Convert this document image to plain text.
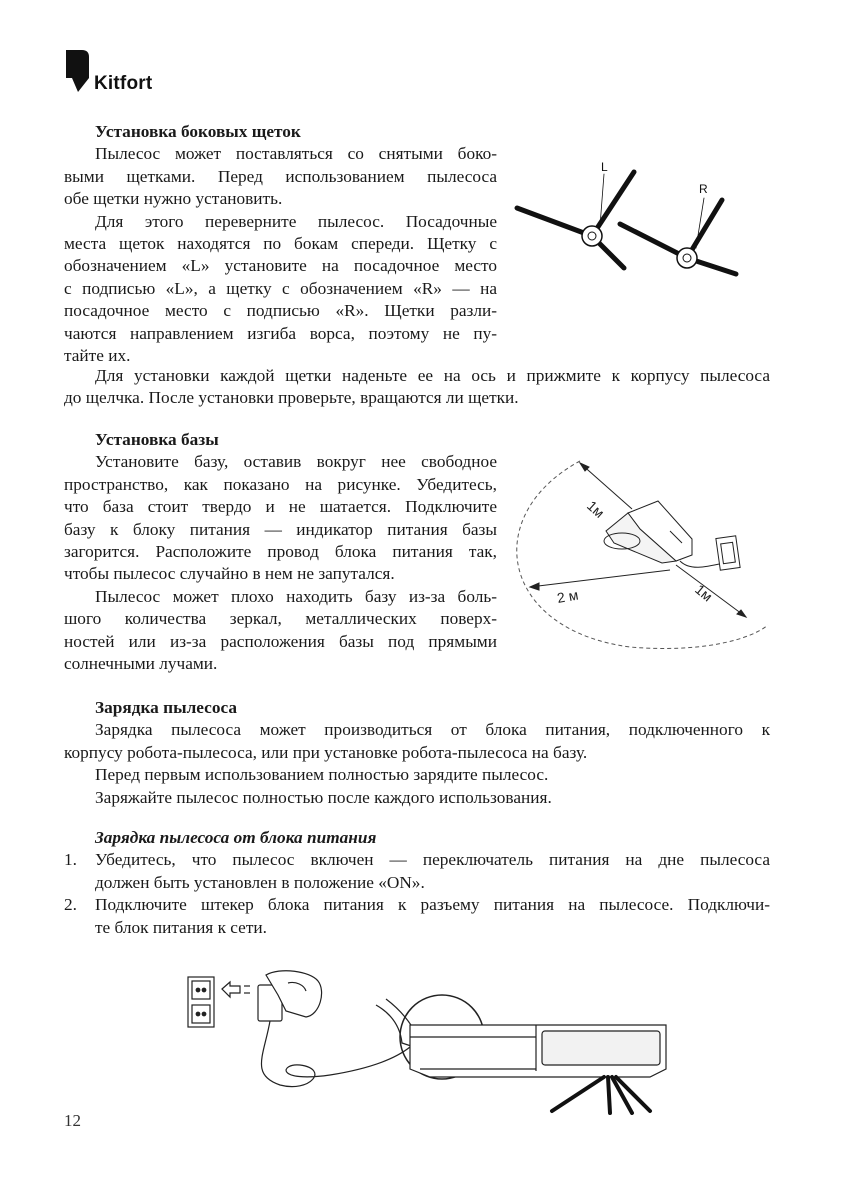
Kitfort

Установка боковых щеток

Пылесос может поставляться со снятыми боко-

выми щетками. Перед использованием пылесоса

обе щетки нужно установить.

Для этого переверните пылесос. Посадочные

места щеток находятся по бокам спереди. Щетку с

обозначением «L» установите на посадочное место

с подписью «L», а щетку с обозначением «R» — на

посадочное место с подписью «R». Щетки разли-

чаются направлением изгиба ворса, поэтому не пу-

тайте их.

Для установки каждой щетки наденьте ее на ось и прижмите к корпусу пылесоса

до щелчка. После установки проверьте, вращаются ли щетки.

L
R

Установка базы

Установите базу, оставив вокруг нее свободное

пространство, как показано на рисунке. Убедитесь,

что база стоит твердо и не шатается. Подключите

базу к блоку питания — индикатор питания базы

загорится. Расположите провод блока питания так,

чтобы пылесос случайно в нем не запутался.

Пылесос может плохо находить базу из-за боль-

шого количества зеркал, металлических поверх-

ностей или из-за расположения базы под прямыми

солнечными лучами.

1м
2 м	1м

Зарядка пылесоса

Зарядка пылесоса может производиться от блока питания, подключенного к

корпусу робота-пылесоса, или при установке робота-пылесоса на базу.

Перед первым использованием полностью зарядите пылесос.

Заряжайте пылесос полностью после каждого использования.

Зарядка пылесоса от блока питания

1. Убедитесь, что пылесос включен — переключатель питания на дне пылесоса

должен быть установлен в положение «ON».

2. Подключите штекер блока питания к разъему питания на пылесосе. Подключи-

те блок питания к сети.

12
